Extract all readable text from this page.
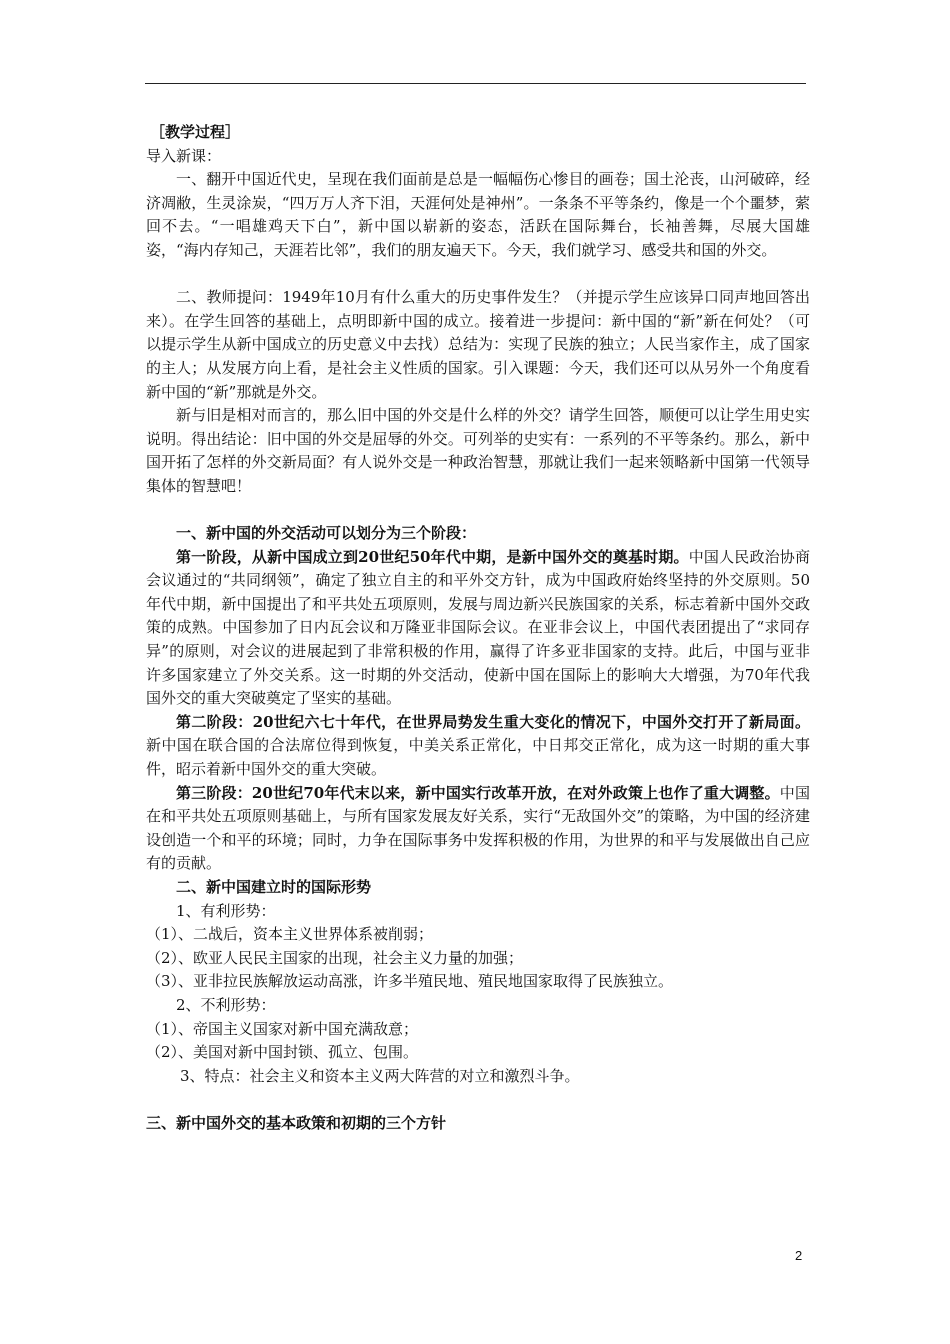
［教学过程］

导入新课：

一、翻开中国近代史，呈现在我们面前是总是一幅幅伤心惨目的画卷；国土沦丧，山河破碎，经济凋敝，生灵涂炭，“四万万人齐下泪，天涯何处是神州”。一条条不平等条约，像是一个个噩梦，萦回不去。“一唱雄鸡天下白”，新中国以崭新的姿态，活跃在国际舞台，长袖善舞，尽展大国雄姿，“海内存知己，天涯若比邻”，我们的朋友遍天下。今天，我们就学习、感受共和国的外交。

二、教师提问：1949年10月有什么重大的历史事件发生？（并提示学生应该异口同声地回答出来）。在学生回答的基础上，点明即新中国的成立。接着进一步提问：新中国的“新”新在何处？（可以提示学生从新中国成立的历史意义中去找）总结为：实现了民族的独立；人民当家作主，成了国家的主人；从发展方向上看，是社会主义性质的国家。引入课题：今天，我们还可以从另外一个角度看新中国的“新”那就是外交。

新与旧是相对而言的，那么旧中国的外交是什么样的外交？请学生回答，顺便可以让学生用史实说明。得出结论：旧中国的外交是屈辱的外交。可列举的史实有：一系列的不平等条约。那么，新中国开拓了怎样的外交新局面？有人说外交是一种政治智慧，那就让我们一起来领略新中国第一代领导集体的智慧吧！

一、新中国的外交活动可以划分为三个阶段：

第一阶段，从新中国成立到20世纪50年代中期，是新中国外交的奠基时期。中国人民政治协商会议通过的“共同纲领”，确定了独立自主的和平外交方针，成为中国政府始终坚持的外交原则。50年代中期，新中国提出了和平共处五项原则，发展与周边新兴民族国家的关系，标志着新中国外交政策的成熟。中国参加了日内瓦会议和万隆亚非国际会议。在亚非会议上，中国代表团提出了“求同存异”的原则，对会议的进展起到了非常积极的作用，赢得了许多亚非国家的支持。此后，中国与亚非许多国家建立了外交关系。这一时期的外交活动，使新中国在国际上的影响大大增强，为70年代我国外交的重大突破奠定了坚实的基础。

第二阶段：20世纪六七十年代，在世界局势发生重大变化的情况下，中国外交打开了新局面。新中国在联合国的合法席位得到恢复，中美关系正常化，中日邦交正常化，成为这一时期的重大事件，昭示着新中国外交的重大突破。

第三阶段：20世纪70年代末以来，新中国实行改革开放，在对外政策上也作了重大调整。中国在和平共处五项原则基础上，与所有国家发展友好关系，实行“无敌国外交”的策略，为中国的经济建设创造一个和平的环境；同时，力争在国际事务中发挥积极的作用，为世界的和平与发展做出自己应有的贡献。

二、新中国建立时的国际形势

1、有利形势：

（1）、二战后，资本主义世界体系被削弱；

（2）、欧亚人民民主国家的出现，社会主义力量的加强；

（3）、亚非拉民族解放运动高涨，许多半殖民地、殖民地国家取得了民族独立。

2、不利形势：

（1）、帝国主义国家对新中国充满敌意；

（2）、美国对新中国封锁、孤立、包围。

3、特点：社会主义和资本主义两大阵营的对立和激烈斗争。

三、新中国外交的基本政策和初期的三个方针

2
